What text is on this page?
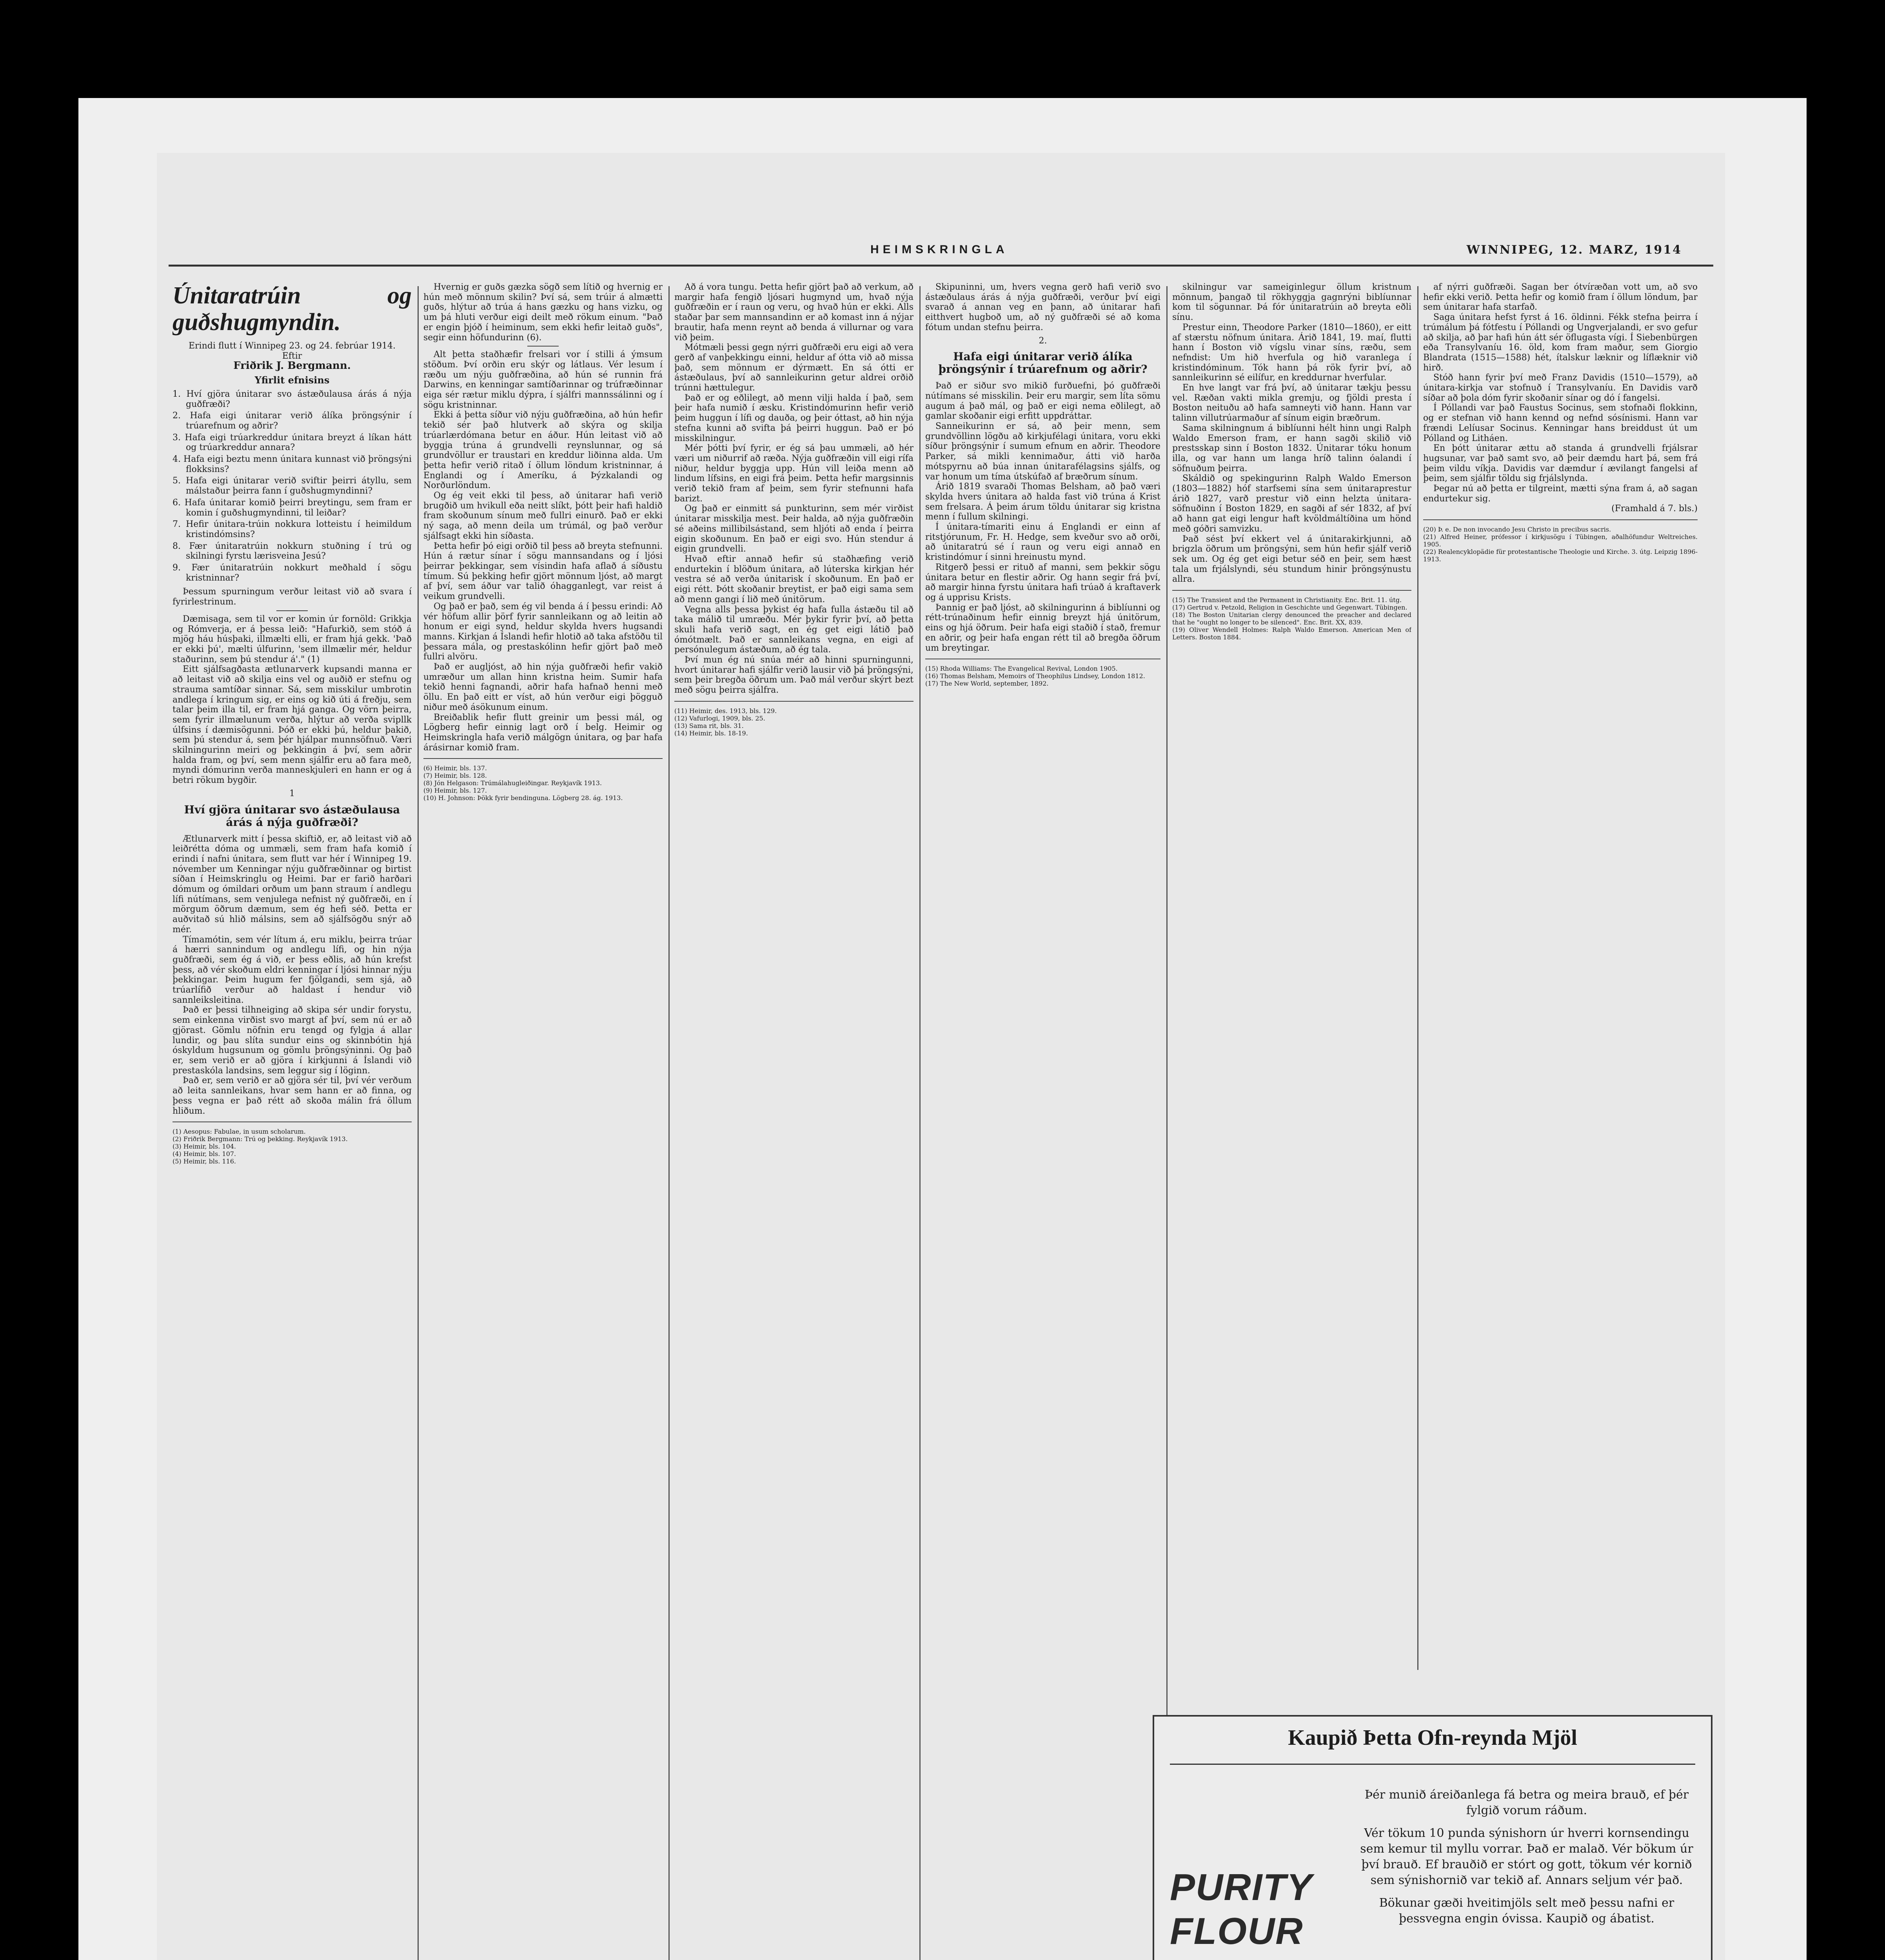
HEIMSKRINGLA	WINNIPEG, 12. MARZ, 1914
Únitaratrúin og guðshugmyndin.

Erindi flutt í Winnipeg 23. og 24. febrúar 1914.

Eftir

Friðrik J. Bergmann.

Yfirlit efnisins
1. Hví gjöra únitarar svo ástæðulausa árás á nýja guðfræði?
2. Hafa eigi únitarar verið álíka þröngsýnir í trúarefnum og aðrir?
3. Hafa eigi trúarkreddur únitara breyzt á líkan hátt og trúarkreddur annara?
4. Hafa eigi beztu menn únitara kunnast við þröngsýni flokksins?
5. Hafa eigi únitarar verið sviftir þeirri átyllu, sem málstaður þeirra fann í guðshugmyndinni?
6. Hafa únitarar komið þeirri breytingu, sem fram er komin í guðshugmyndinni, til leiðar?
7. Hefir únitara-trúin nokkura lotteistu í heimildum kristindómsins?
8. Fær únitaratrúin nokkurn stuðning í trú og skilningi fyrstu lærisveina Jesú?
9. Fær únitaratrúin nokkurt meðhald í sögu kristninnar?

Þessum spurningum verður leitast við að svara í fyrirlestrinum.

Dæmisaga, sem til vor er komin úr fornöld: Grikkja og Rómverja, er á þessa leið: "Hafurkið, sem stóð á mjög háu húsþaki, illmælti elli, er fram hjá gekk. 'Það er ekki þú', mælti úlfurinn, 'sem illmælir mér, heldur staðurinn, sem þú stendur á'." (1)

Eitt sjálfsagðasta ætlunarverk kupsandi manna er að leitast við að skilja eins vel og auðið er stefnu og strauma samtíðar sinnar. Sá, sem misskilur umbrotin andlega í kringum sig, er eins og kið úti á freðju, sem talar þeim illa til, er fram hjá ganga. Og vörn þeirra, sem fyrir illmælunum verða, hlýtur að verða svipllk úlfsins í dæmisögunni. Þóð er ekki þú, heldur þakið, sem þú stendur á, sem þér hjálpar munnsöfnuð. Væri skilningurinn meiri og þekkingin á því, sem aðrir halda fram, og því, sem menn sjálfir eru að fara með, myndi dómurinn verða manneskjuleri en hann er og á betri rökum bygðir.

1
Hví gjöra únitarar svo ástæðulausa árás á nýja guðfræði?

Ætlunarverk mitt í þessa skiftið, er, að leitast við að leiðrétta dóma og ummæli, sem fram hafa komið í erindi í nafni únitara, sem flutt var hér í Winnipeg 19. nóvember um Kenningar nýju guðfræðinnar og birtist síðan í Heimskringlu og Heimi. Þar er farið harðari dómum og ómildari orðum um þann straum í andlegu lífi nútímans, sem venjulega nefnist ný guðfræði, en í mörgum öðrum dæmum, sem ég hefi séð. Þetta er auðvitað sú hlið málsins, sem að sjálfsögðu snýr að mér.

Tímamótin, sem vér lítum á, eru miklu, þeirra trúar á hærri sannindum og andlegu lífi, og hin nýja guðfræði, sem ég á við, er þess eðlis, að hún krefst þess, að vér skoðum eldri kenningar í ljósi hinnar nýju þekkingar. Þeim hugum fer fjölgandi, sem sjá, að trúarlífið verður að haldast í hendur við sannleiksleitina.

Það er þessi tilhneiging að skipa sér undir forystu, sem einkenna virðist svo margt af því, sem nú er að gjörast. Gömlu nöfnin eru tengd og fylgja á allar lundir, og þau slíta sundur eins og skinnbótin hjá óskyldum hugsunum og gömlu þröngsýninni. Og það er, sem verið er að gjöra í kirkjunni á Íslandi við prestaskóla landsins, sem leggur sig í löginn.

Það er, sem verið er að gjöra sér til, því vér verðum að leita sannleikans, hvar sem hann er að finna, og þess vegna er það rétt að skoða málin frá öllum hliðum.

(1) Aesopus: Fabulae, in usum scholarum.

(2) Friðrik Bergmann: Trú og þekking. Reykjavík 1913.

(3) Heimir, bls. 104.

(4) Heimir, bls. 107.

(5) Heimir, bls. 116.

Hvernig er guðs gæzka sögð sem lítið og hvernig er hún með mönnum skilin? Því sá, sem trúir á almætti guðs, hlýtur að trúa á hans gæzku og hans vizku, og um þá hluti verður eigi deilt með rökum einum. "Það er engin þjóð í heiminum, sem ekki hefir leitað guðs", segir einn höfundurinn (6).

Alt þetta staðhæfir frelsari vor í stilli á ýmsum stöðum. Því orðin eru skýr og látlaus. Vér lesum í ræðu um nýju guðfræðina, að hún sé runnin frá Darwins, en kenningar samtíðarinnar og trúfræðinnar eiga sér rætur miklu dýpra, í sjálfri mannssálinni og í sögu kristninnar.

Ekki á þetta síður við nýju guðfræðina, að hún hefir tekið sér það hlutverk að skýra og skilja trúarlærdómana betur en áður. Hún leitast við að byggja trúna á grundvelli reynslunnar, og sá grundvöllur er traustari en kreddur liðinna alda. Um þetta hefir verið ritað í öllum löndum kristninnar, á Englandi og í Ameríku, á Þýzkalandi og Norðurlöndum.

Og ég veit ekki til þess, að únitarar hafi verið brugðið um hvikull eða neitt slíkt, þótt þeir hafi haldið fram skoðunum sínum með fullri einurð. Það er ekki ný saga, að menn deila um trúmál, og það verður sjálfsagt ekki hin síðasta.

Þetta hefir þó eigi orðið til þess að breyta stefnunni. Hún á rætur sínar í sögu mannsandans og í ljósi þeirrar þekkingar, sem vísindin hafa aflað á síðustu tímum. Sú þekking hefir gjört mönnum ljóst, að margt af því, sem áður var talið óhagganlegt, var reist á veikum grundvelli.

Og það er það, sem ég vil benda á í þessu erindi: Að vér höfum allir þörf fyrir sannleikann og að leitin að honum er eigi synd, heldur skylda hvers hugsandi manns. Kirkjan á Íslandi hefir hlotið að taka afstöðu til þessara mála, og prestaskólinn hefir gjört það með fullri alvöru.

Það er augljóst, að hin nýja guðfræði hefir vakið umræður um allan hinn kristna heim. Sumir hafa tekið henni fagnandi, aðrir hafa hafnað henni með öllu. En það eitt er víst, að hún verður eigi þögguð niður með ásökunum einum.

Breiðablik hefir flutt greinir um þessi mál, og Lögberg hefir einnig lagt orð í belg. Heimir og Heimskringla hafa verið málgögn únitara, og þar hafa árásirnar komið fram.

(6) Heimir, bls. 137.

(7) Heimir, bls. 128.

(8) Jón Helgason: Trúmálahugleiðingar. Reykjavík 1913.

(9) Heimir, bls. 127.

(10) H. Johnson: Þökk fyrir bendinguna. Lögberg 28. ág. 1913.

Að á vora tungu. Þetta hefir gjört það að verkum, að margir hafa fengið ljósari hugmynd um, hvað nýja guðfræðin er í raun og veru, og hvað hún er ekki. Alls staðar þar sem mannsandinn er að komast inn á nýjar brautir, hafa menn reynt að benda á villurnar og vara við þeim.

Mótmæli þessi gegn nýrri guðfræði eru eigi að vera gerð af vanþekkingu einni, heldur af ótta við að missa það, sem mönnum er dýrmætt. En sá ótti er ástæðulaus, því að sannleikurinn getur aldrei orðið trúnni hættulegur.

Það er og eðlilegt, að menn vilji halda í það, sem þeir hafa numið í æsku. Kristindómurinn hefir verið þeim huggun í lífi og dauða, og þeir óttast, að hin nýja stefna kunni að svifta þá þeirri huggun. Það er þó misskilningur.

Mér þótti því fyrir, er ég sá þau ummæli, að hér væri um niðurrif að ræða. Nýja guðfræðin vill eigi rífa niður, heldur byggja upp. Hún vill leiða menn að lindum lífsins, en eigi frá þeim. Þetta hefir margsinnis verið tekið fram af þeim, sem fyrir stefnunni hafa barizt.

Og það er einmitt sá punkturinn, sem mér virðist únitarar misskilja mest. Þeir halda, að nýja guðfræðin sé aðeins millibilsástand, sem hljóti að enda í þeirra eigin skoðunum. En það er eigi svo. Hún stendur á eigin grundvelli.

Hvað eftir annað hefir sú staðhæfing verið endurtekin í blöðum únitara, að lúterska kirkjan hér vestra sé að verða únitarisk í skoðunum. En það er eigi rétt. Þótt skoðanir breytist, er það eigi sama sem að menn gangi í lið með únitörum.

Vegna alls þessa þykist ég hafa fulla ástæðu til að taka málið til umræðu. Mér þykir fyrir því, að þetta skuli hafa verið sagt, en ég get eigi látið það ómótmælt. Það er sannleikans vegna, en eigi af persónulegum ástæðum, að ég tala.

Því mun ég nú snúa mér að hinni spurningunni, hvort únitarar hafi sjálfir verið lausir við þá þröngsýni, sem þeir bregða öðrum um. Það mál verður skýrt bezt með sögu þeirra sjálfra.

(11) Heimir, des. 1913, bls. 129.

(12) Vafurlogi, 1909, bls. 25.

(13) Sama rit, bls. 31.

(14) Heimir, bls. 18-19.

Skipuninni, um, hvers vegna gerð hafi verið svo ástæðulaus árás á nýja guðfræði, verður því eigi svarað á annan veg en þann, að únitarar hafi eitthvert hugboð um, að ný guðfræði sé að koma fótum undan stefnu þeirra.

2.
Hafa eigi únitarar verið álíka þröngsýnir í trúarefnum og aðrir?

Það er siður svo mikið furðuefni, þó guðfræði nútímans sé misskilin. Þeir eru margir, sem líta sömu augum á það mál, og það er eigi nema eðlilegt, að gamlar skoðanir eigi erfitt uppdráttar.

Sanneikurinn er sá, að þeir menn, sem grundvöllinn lögðu að kirkjufélagi únitara, voru ekki síður þröngsýnir í sumum efnum en aðrir. Theodore Parker, sá mikli kennimaður, átti við harða mótspyrnu að búa innan únitarafélagsins sjálfs, og var honum um tíma útskúfað af bræðrum sínum.

Árið 1819 svaraði Thomas Belsham, að það væri skylda hvers únitara að halda fast við trúna á Krist sem frelsara. Á þeim árum töldu únitarar sig kristna menn í fullum skilningi.

Í únitara-tímariti einu á Englandi er einn af ritstjórunum, Fr. H. Hedge, sem kveður svo að orði, að únitaratrú sé í raun og veru eigi annað en kristindómur í sinni hreinustu mynd.

Ritgerð þessi er rituð af manni, sem þekkir sögu únitara betur en flestir aðrir. Og hann segir frá því, að margir hinna fyrstu únitara hafi trúað á kraftaverk og á upprisu Krists.

Þannig er það ljóst, að skilningurinn á biblíunni og rétt-trúnaðinum hefir einnig breyzt hjá únitörum, eins og hjá öðrum. Þeir hafa eigi staðið í stað, fremur en aðrir, og þeir hafa engan rétt til að bregða öðrum um breytingar.

(15) Rhoda Williams: The Evangelical Revival, London 1905.

(16) Thomas Belsham, Memoirs of Theophilus Lindsey, London 1812.

(17) The New World, september, 1892.

skilningur var sameiginlegur öllum kristnum mönnum, þangað til rökhyggja gagnrýni biblíunnar kom til sögunnar. Þá fór únitaratrúin að breyta eðli sínu.

Prestur einn, Theodore Parker (1810—1860), er eitt af stærstu nöfnum únitara. Árið 1841, 19. maí, flutti hann í Boston við vígslu vinar síns, ræðu, sem nefndist: Um hið hverfula og hið varanlega í kristindóminum. Tók hann þá rök fyrir því, að sannleikurinn sé eilífur, en kreddurnar hverfular.

En hve langt var frá því, að únitarar tækju þessu vel. Ræðan vakti mikla gremju, og fjöldi presta í Boston neituðu að hafa samneyti við hann. Hann var talinn villutrúarmaður af sínum eigin bræðrum.

Sama skilningnum á biblíunni hélt hinn ungi Ralph Waldo Emerson fram, er hann sagði skilið við prestsskap sinn í Boston 1832. Únitarar tóku honum illa, og var hann um langa hríð talinn óalandi í söfnuðum þeirra.

Skáldið og spekingurinn Ralph Waldo Emerson (1803—1882) hóf starfsemi sína sem únitaraprestur árið 1827, varð prestur við einn helzta únitara-söfnuðinn í Boston 1829, en sagði af sér 1832, af því að hann gat eigi lengur haft kvöldmáltíðina um hönd með góðri samvizku.

Það sést því ekkert vel á únitarakirkjunni, að brigzla öðrum um þröngsýni, sem hún hefir sjálf verið sek um. Og ég get eigi betur séð en þeir, sem hæst tala um frjálslyndi, séu stundum hinir þröngsýnustu allra.

(15) The Transient and the Permanent in Christianity. Enc. Brit. 11. útg.

(17) Gertrud v. Petzold, Religion in Geschichte und Gegenwart. Tübingen.

(18) The Boston Unitarian clergy denounced the preacher and declared that he "ought no longer to be silenced". Enc. Brit. XX, 839.

(19) Oliver Wendell Holmes: Ralph Waldo Emerson. American Men of Letters. Boston 1884.

af nýrri guðfræði. Sagan ber ótvíræðan vott um, að svo hefir ekki verið. Þetta hefir og komið fram í öllum löndum, þar sem únitarar hafa starfað.

Saga únitara hefst fyrst á 16. öldinni. Fékk stefna þeirra í trúmálum þá fótfestu í Póllandi og Ungverjalandi, er svo gefur að skilja, að þar hafi hún átt sér öflugasta vígi. Í Siebenbürgen eða Transylvaníu 16. öld, kom fram maður, sem Giorgio Blandrata (1515—1588) hét, ítalskur læknir og líflæknir við hirð.

Stóð hann fyrir því með Franz Davidis (1510—1579), að únitara-kirkja var stofnuð í Transylvaníu. En Davidis varð síðar að þola dóm fyrir skoðanir sínar og dó í fangelsi.

Í Póllandi var það Faustus Socinus, sem stofnaði flokkinn, og er stefnan við hann kennd og nefnd sósínismi. Hann var frændi Lelíusar Socinus. Kenningar hans breiddust út um Pólland og Litháen.

En þótt únitarar ættu að standa á grundvelli frjálsrar hugsunar, var það samt svo, að þeir dæmdu hart þá, sem frá þeim vildu víkja. Davidis var dæmdur í ævilangt fangelsi af þeim, sem sjálfir töldu sig frjálslynda.

Þegar nú að þetta er tilgreint, mætti sýna fram á, að sagan endurtekur sig.

(Framhald á 7. bls.)

(20) Þ. e. De non invocando Jesu Christo in precibus sacris.

(21) Alfred Heiner, prófessor í kirkjusögu í Tübingen, aðalhöfundur Weltreiches. 1905.

(22) Realencyklopädie für protestantische Theologie und Kirche. 3. útg. Leipzig 1896-1913.

Kaupið Þetta Ofn-reynda Mjöl
PURITY
FLOUR

Þér munið áreiðanlega fá betra og meira brauð, ef þér fylgið vorum ráðum.

Vér tökum 10 punda sýnishorn úr hverri kornsendingu sem kemur til myllu vorrar. Það er malað. Vér bökum úr því brauð. Ef brauðið er stórt og gott, tökum vér kornið sem sýnishornið var tekið af. Annars seljum vér það.

Bökunar gæði hveitimjöls selt með þessu nafni er þessvegna engin óvissa. Kaupið og ábatist.
